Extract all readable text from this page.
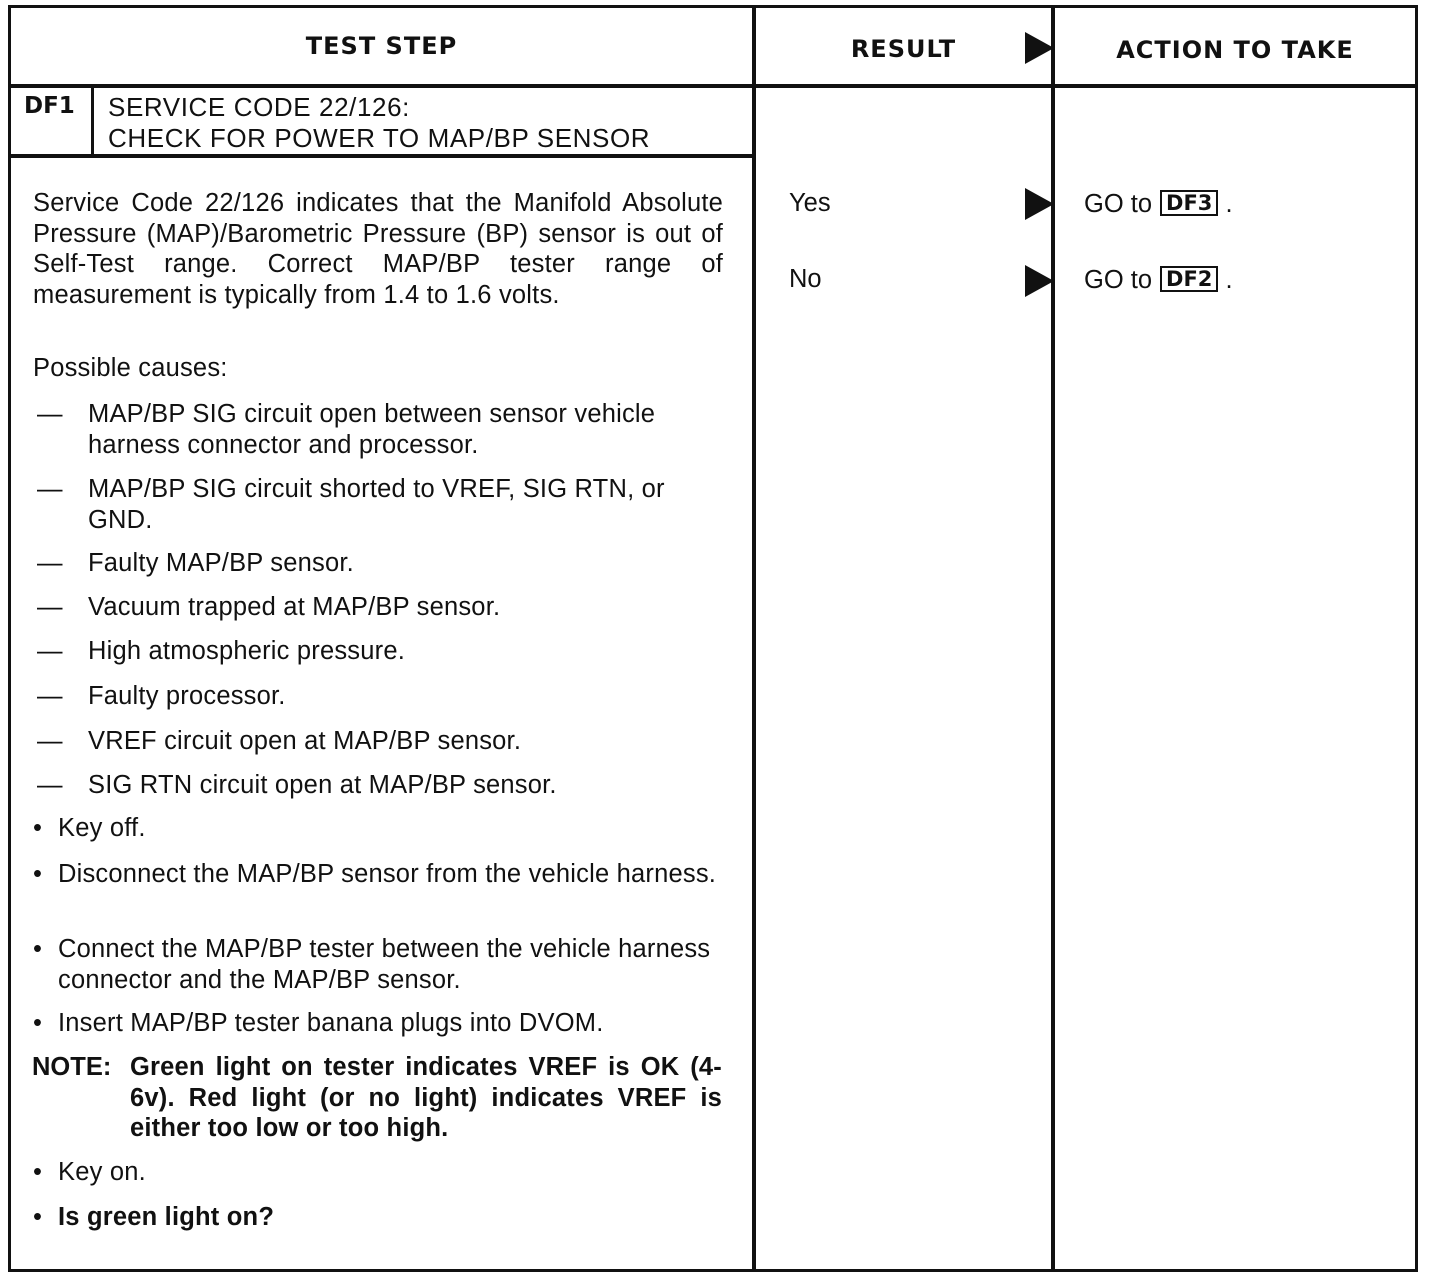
TEST STEP	RESULT	ACTION TO TAKE
DF1 SERVICE CODE 22/126:
CHECK FOR POWER TO MAP/BP SENSOR
Service Code 22/126 indicates that the Manifold Absolute Pressure (MAP)/Barometric Pressure (BP) sensor is out of Self-Test range. Correct MAP/BP tester range of measurement is typically from 1.4 to 1.6 volts.
Possible causes:
— MAP/BP SIG circuit open between sensor vehicle harness connector and processor.
— MAP/BP SIG circuit shorted to VREF, SIG RTN, or GND.
— Faulty MAP/BP sensor.
— Vacuum trapped at MAP/BP sensor.
— High atmospheric pressure.
— Faulty processor.
— VREF circuit open at MAP/BP sensor.
— SIG RTN circuit open at MAP/BP sensor.
• Key off.
• Disconnect the MAP/BP sensor from the vehicle harness.
• Connect the MAP/BP tester between the vehicle harness connector and the MAP/BP sensor.
• Insert MAP/BP tester banana plugs into DVOM.
NOTE: Green light on tester indicates VREF is OK (4-6v). Red light (or no light) indicates VREF is either too low or too high.
• Key on.
• Is green light on?
Yes	GO to DF3 .
No	GO to DF2 .
